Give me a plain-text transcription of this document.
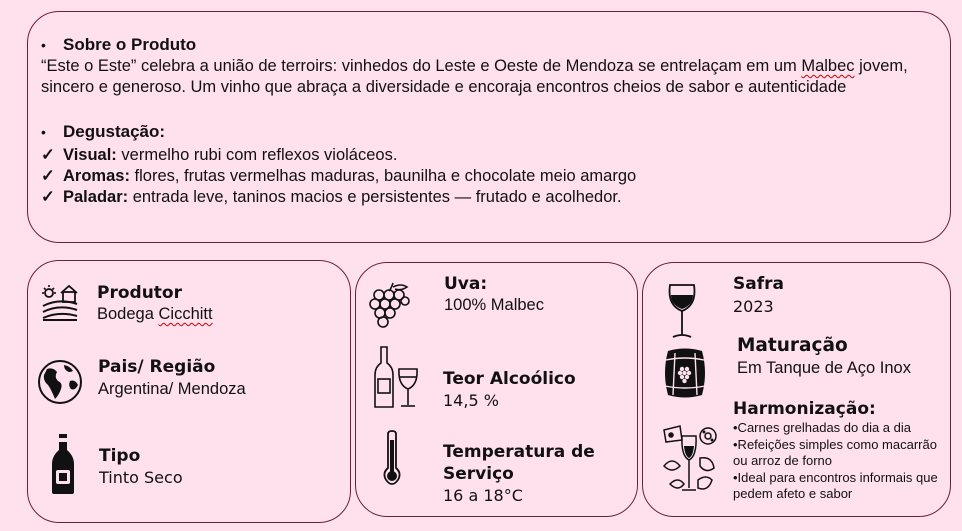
• Sobre o Produto
“Este o Este” celebra a união de terroirs: vinhedos do Leste e Oeste de Mendoza se entrelaçam em um Malbec jovem, sincero e generoso. Um vinho que abraça a diversidade e encoraja encontros cheios de sabor e autenticidade
• Degustação:
✓ Visual: vermelho rubi com reflexos violáceos.
✓ Aromas: flores, frutas vermelhas maduras, baunilha e chocolate meio amargo
✓ Paladar: entrada leve, taninos macios e persistentes — frutado e acolhedor.
Produtor
Bodega Cicchitt
Pais/ Região
Argentina/ Mendoza
Tipo
Tinto Seco
Uva:
100% Malbec
Teor Alcoólico
14,5 %
Temperatura de
Serviço
16 a 18°C
Safra
2023
Maturação
Em Tanque de Aço Inox
Harmonização:
•Carnes grelhadas do dia a dia
•Refeições simples como macarrão ou arroz de forno
•Ideal para encontros informais que pedem afeto e sabor
